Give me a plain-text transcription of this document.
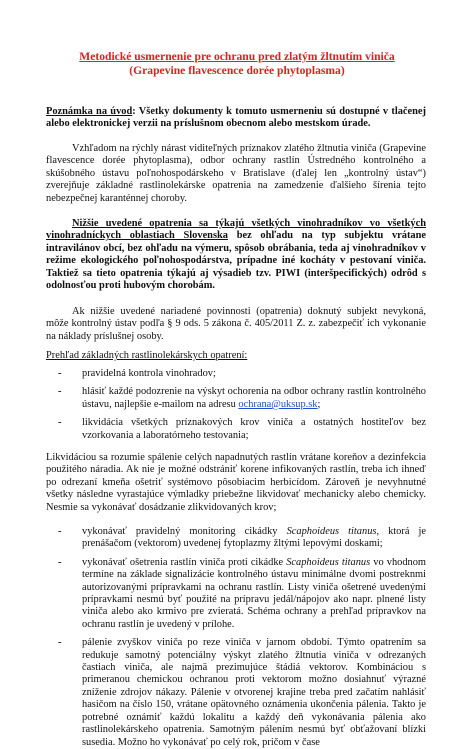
Metodické usmernenie pre ochranu pred zlatým žltnutím viniča
(Grapevine flavescence dorée phytoplasma)
Poznámka na úvod: Všetky dokumenty k tomuto usmerneniu sú dostupné v tlačenej alebo elektronickej verzii na príslušnom obecnom alebo mestskom úrade.
Vzhľadom na rýchly nárast viditeľných príznakov zlatého žltnutia viniča (Grapevine flavescence dorée phytoplasma), odbor ochrany rastlín Ústredného kontrolného a skúšobného ústavu poľnohospodárskeho v Bratislave (ďalej len „kontrolný ústav“) zverejňuje základné rastlinolekárske opatrenia na zamedzenie ďalšieho šírenia tejto nebezpečnej karanténnej choroby.
Nižšie uvedené opatrenia sa týkajú všetkých vinohradníkov vo všetkých vinohradníckych oblastiach Slovenska bez ohľadu na typ subjektu vrátane intravilánov obcí, bez ohľadu na výmeru, spôsob obrábania, teda aj vinohradníkov v režime ekologického poľnohospodárstva, prípadne iné kocháty v pestovaní viniča. Taktiež sa tieto opatrenia týkajú aj výsadieb tzv. PIWI (interšpecifických) odrôd s odolnosťou proti hubovým chorobám.
Ak nižšie uvedené nariadené povinnosti (opatrenia) doknutý subjekt nevykoná, môže kontrolný ústav podľa § 9 ods. 5 zákona č. 405/2011 Z. z. zabezpečiť ich vykonanie na náklady príslušnej osoby.
Prehľad základných rastlinolekárskych opatrení:
- pravidelná kontrola vinohradov;
- hlásiť každé podozrenie na výskyt ochorenia na odbor ochrany rastlín kontrolného ústavu, najlepšie e-mailom na adresu ochrana@uksup.sk;
- likvidácia všetkých príznakových krov viniča a ostatných hostiteľov bez vzorkovania a laboratórneho testovania;
Likvidáciou sa rozumie spálenie celých napadnutých rastlín vrátane koreňov a dezinfekcia použitého náradia. Ak nie je možné odstrániť korene infikovaných rastlín, treba ich ihneď po odrezaní kmeňa ošetriť systémovo pôsobiacim herbicídom. Zároveň je nevyhnutné všetky následne vyrastajúce výmladky priebežne likvidovať mechanicky alebo chemicky. Nesmie sa vykonávať dosádzanie zlikvidovaných krov;
- vykonávať pravidelný monitoring cikádky Scaphoideus titanus, ktorá je prenášačom (vektorom) uvedenej fytoplazmy žltými lepovými doskami;
- vykonávať ošetrenia rastlín viniča proti cikádke Scaphoideus titanus vo vhodnom termíne na základe signalizácie kontrolného ústavu minimálne dvomi postreknmi autorizovanými prípravkami na ochranu rastlín. Listy viniča ošetrené uvedenými prípravkami nesmú byť použité na prípravu jedál/nápojov ako napr. plnené listy viniča alebo ako krmivo pre zvieratá. Schéma ochrany a prehľad prípravkov na ochranu rastlín je uvedený v prílohe.
- pálenie zvyškov viniča po reze viniča v jarnom období. Týmto opatrením sa redukuje samotný potenciálny výskyt zlatého žltnutia viniča v odrezaných častiach viniča, ale najmä prezimujúce štádiá vektorov. Kombináciou s primeranou chemickou ochranou proti vektorom možno dosiahnuť výrazné zníženie zdrojov nákazy. Pálenie v otvorenej krajine treba pred začatím nahlásiť hasičom na číslo 150, vrátane opätovného oznámenia ukončenia pálenia. Takto je potrebné oznámiť každú lokalitu a každý deň vykonávania pálenia ako rastlinolekárskeho opatrenia. Samotným pálením nesmú byť obťažovaní blízki susedia. Možno ho vykonávať po celý rok, pričom v čase
